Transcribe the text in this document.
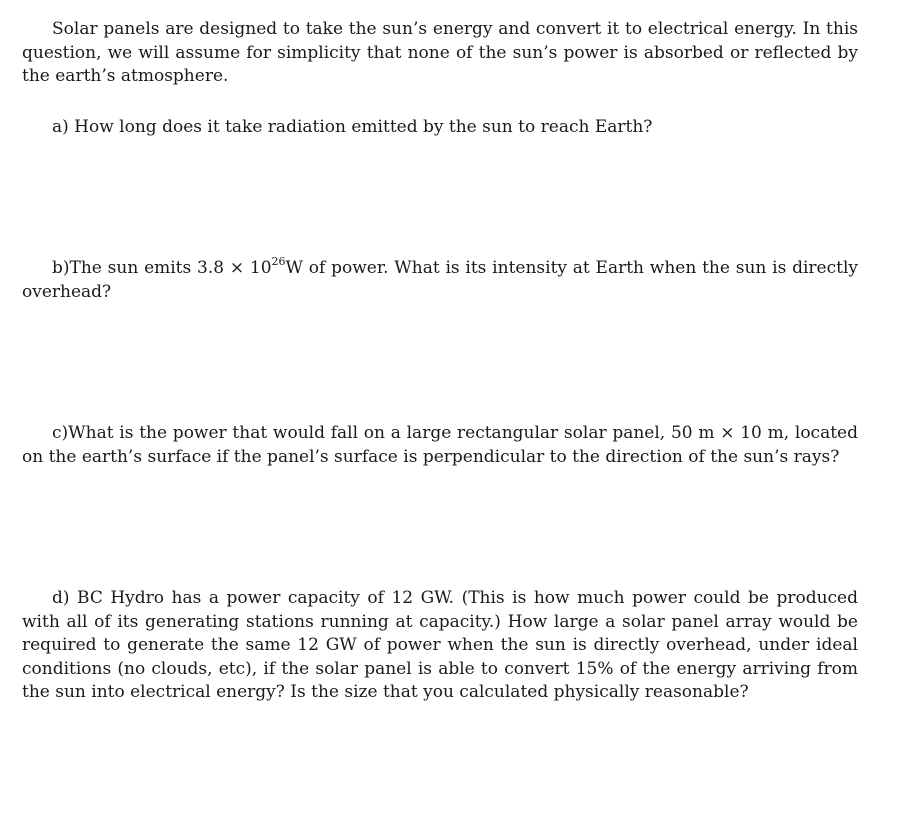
Solar panels are designed to take the sun’s energy and convert it to electrical energy. In this question, we will assume for simplicity that none of the sun’s power is absorbed or reflected by the earth’s atmosphere.

a) How long does it take radiation emitted by the sun to reach Earth?

b)The sun emits $3.8 \times 10^{26}W$ of power. What is its intensity at Earth when the sun is directly overhead?

c)What is the power that would fall on a large rectangular solar panel, 50 m × 10 m, located on the earth’s surface if the panel’s surface is perpendicular to the direction of the sun’s rays?

d) BC Hydro has a power capacity of 12 GW. (This is how much power could be produced with all of its generating stations running at capacity.) How large a solar panel array would be required to generate the same 12 GW of power when the sun is directly overhead, under ideal conditions (no clouds, etc), if the solar panel is able to convert 15% of the energy arriving from the sun into electrical energy? Is the size that you calculated physically reasonable?
